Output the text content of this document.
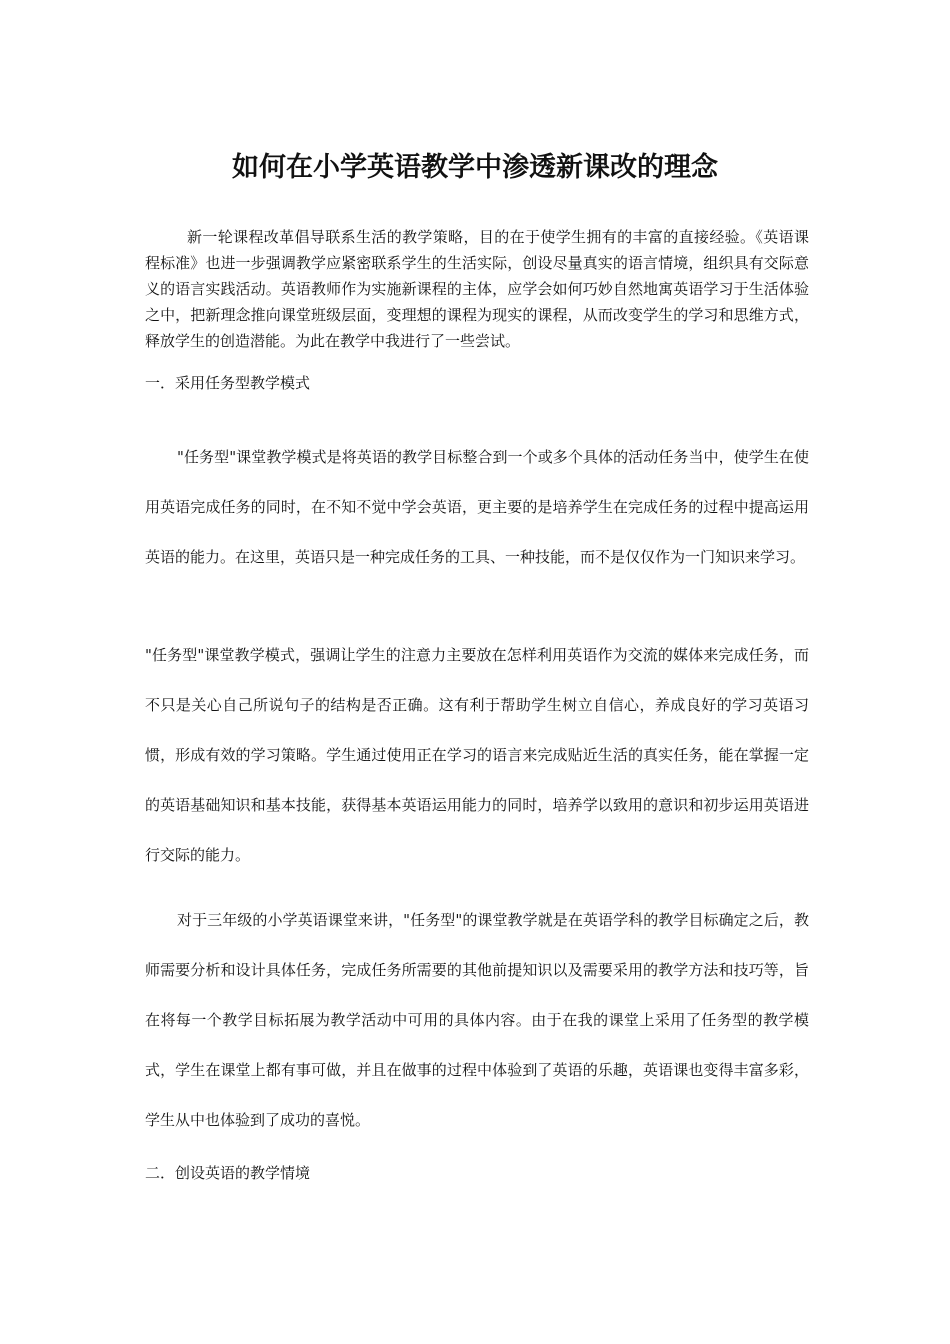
如何在小学英语教学中渗透新课改的理念
新一轮课程改革倡导联系生活的教学策略，目的在于使学生拥有的丰富的直接经验。《英语课程标准》也进一步强调教学应紧密联系学生的生活实际，创设尽量真实的语言情境，组织具有交际意义的语言实践活动。英语教师作为实施新课程的主体，应学会如何巧妙自然地寓英语学习于生活体验之中，把新理念推向课堂班级层面，变理想的课程为现实的课程，从而改变学生的学习和思维方式，释放学生的创造潜能。为此在教学中我进行了一些尝试。
一．采用任务型教学模式
"任务型"课堂教学模式是将英语的教学目标整合到一个或多个具体的活动任务当中，使学生在使用英语完成任务的同时，在不知不觉中学会英语，更主要的是培养学生在完成任务的过程中提高运用英语的能力。在这里，英语只是一种完成任务的工具、一种技能，而不是仅仅作为一门知识来学习。
"任务型"课堂教学模式，强调让学生的注意力主要放在怎样利用英语作为交流的媒体来完成任务，而不只是关心自己所说句子的结构是否正确。这有利于帮助学生树立自信心，养成良好的学习英语习惯，形成有效的学习策略。学生通过使用正在学习的语言来完成贴近生活的真实任务，能在掌握一定的英语基础知识和基本技能，获得基本英语运用能力的同时，培养学以致用的意识和初步运用英语进行交际的能力。
对于三年级的小学英语课堂来讲，"任务型"的课堂教学就是在英语学科的教学目标确定之后，教师需要分析和设计具体任务，完成任务所需要的其他前提知识以及需要采用的教学方法和技巧等，旨在将每一个教学目标拓展为教学活动中可用的具体内容。由于在我的课堂上采用了任务型的教学模式，学生在课堂上都有事可做，并且在做事的过程中体验到了英语的乐趣，英语课也变得丰富多彩，学生从中也体验到了成功的喜悦。
二．创设英语的教学情境
